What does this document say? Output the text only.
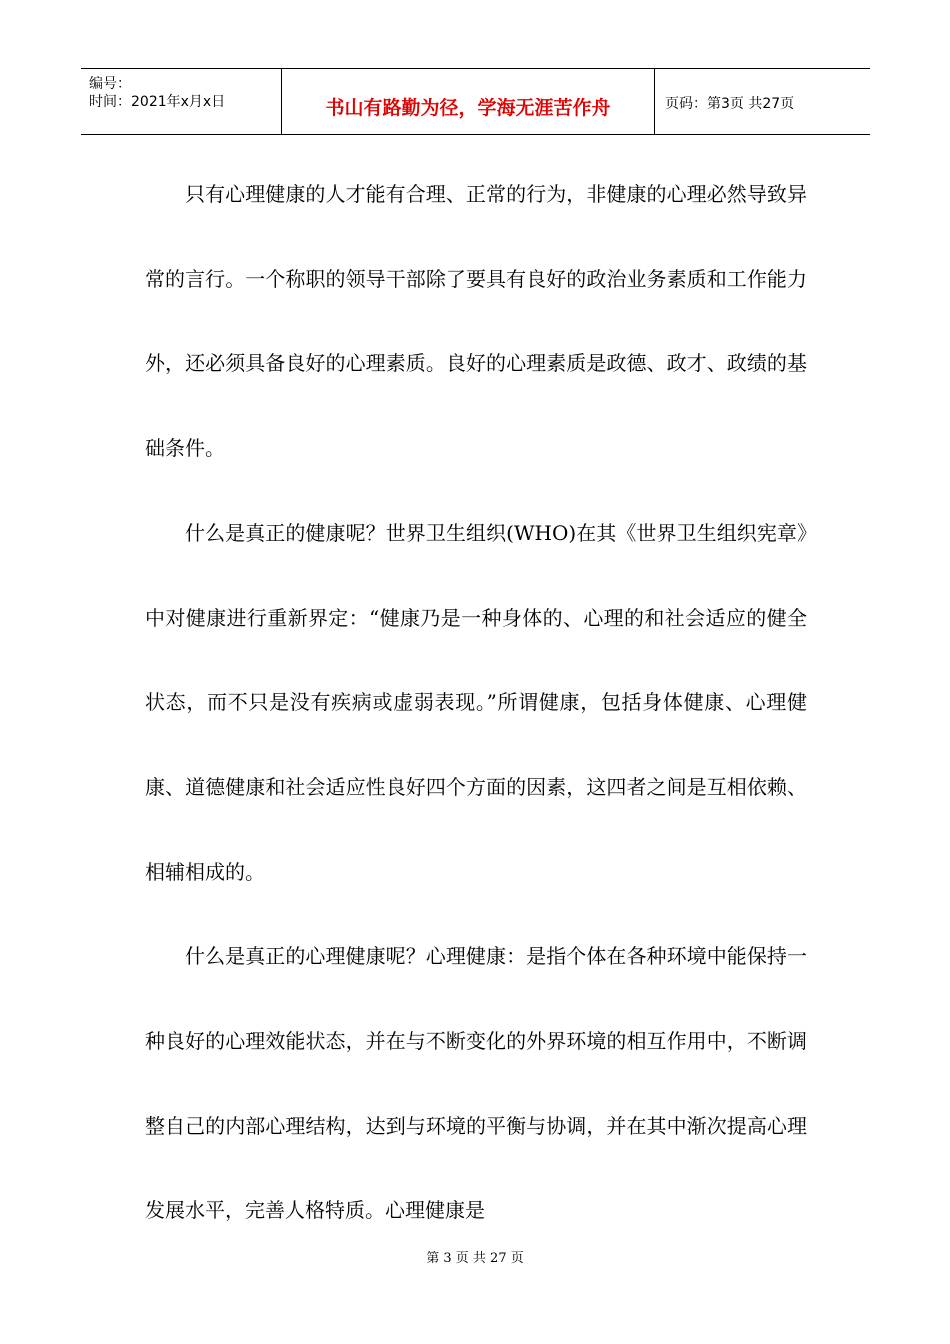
编号：
时间：2021年x月x日	书山有路勤为径，学海无涯苦作舟	页码：第3页 共27页

只有心理健康的人才能有合理、正常的行为，非健康的心理必然导致异常的言行。一个称职的领导干部除了要具有良好的政治业务素质和工作能力外，还必须具备良好的心理素质。良好的心理素质是政德、政才、政绩的基础条件。

什么是真正的健康呢？世界卫生组织(WHO)在其《世界卫生组织宪章》中对健康进行重新界定：“健康乃是一种身体的、心理的和社会适应的健全状态，而不只是没有疾病或虚弱表现。”所谓健康，包括身体健康、心理健康、道德健康和社会适应性良好四个方面的因素，这四者之间是互相依赖、相辅相成的。

什么是真正的心理健康呢？心理健康：是指个体在各种环境中能保持一种良好的心理效能状态，并在与不断变化的外界环境的相互作用中，不断调整自己的内部心理结构，达到与环境的平衡与协调，并在其中渐次提高心理发展水平，完善人格特质。心理健康是

第 3 页 共 27 页
